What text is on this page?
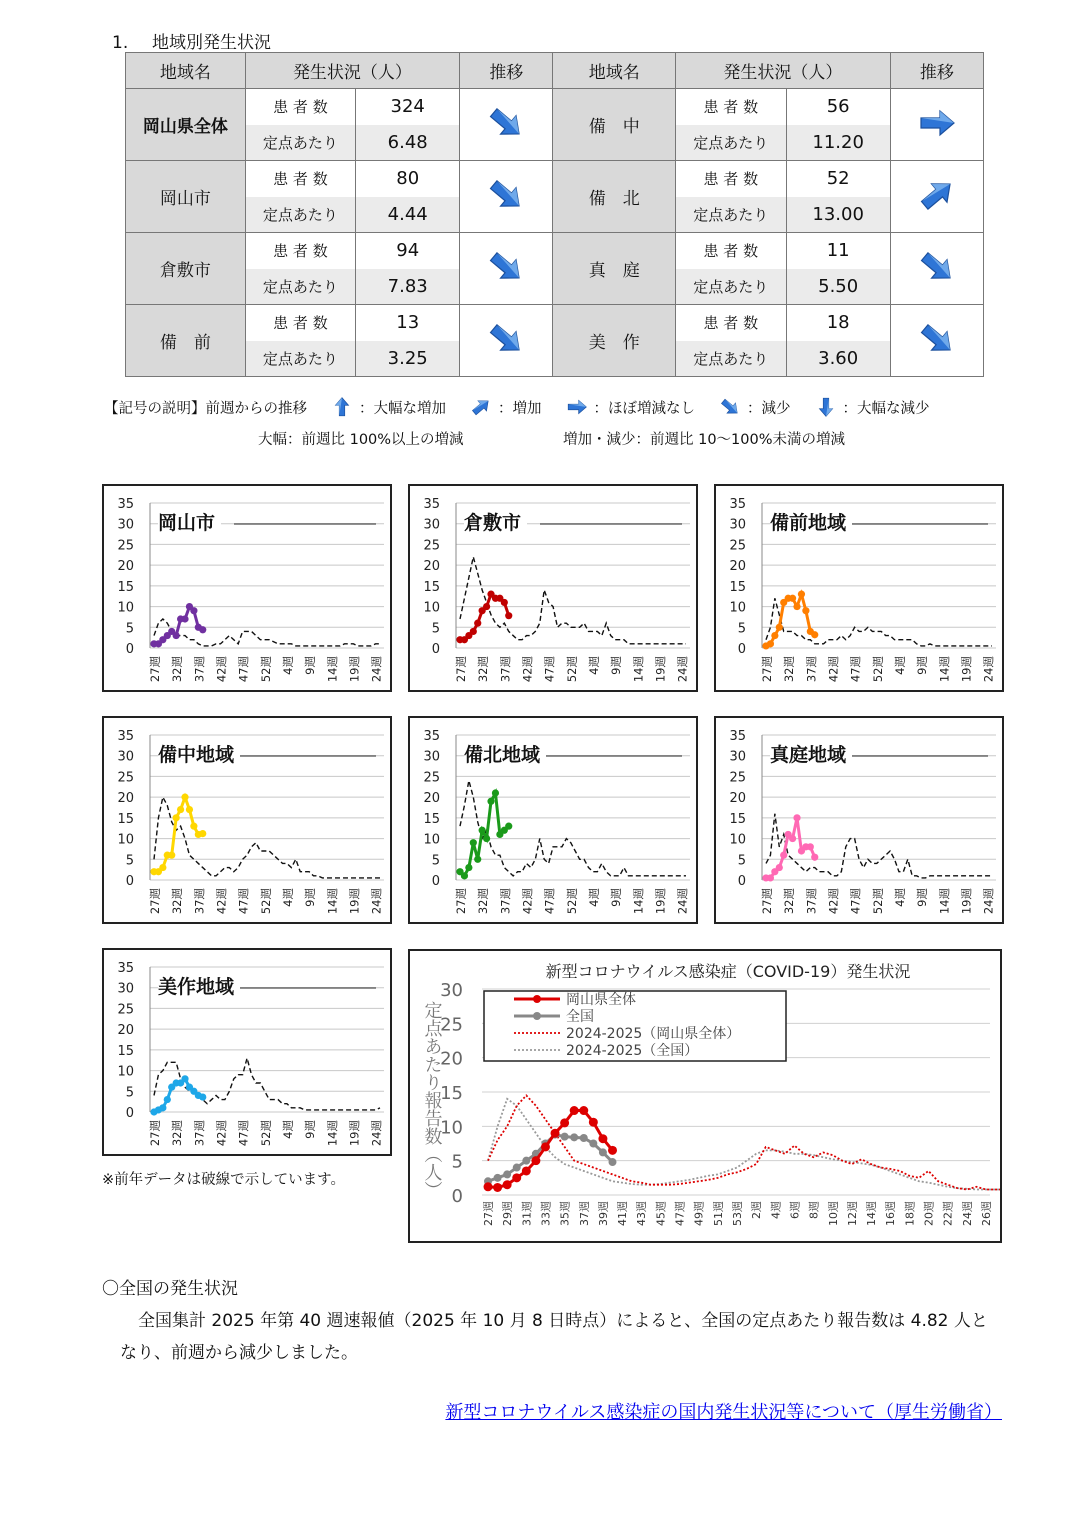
1. 地域別発生状況
地域名	発生状況（人）		推移	地域名	発生状況（人）		推移
岡山県全体	患 者 数	324		備　中	患 者 数	56	
	定点あたり	6.48			定点あたり	11.20	
岡山市	患 者 数	80		備　北	患 者 数	52	
	定点あたり	4.44			定点あたり	13.00	
倉敷市	患 者 数	94		真　庭	患 者 数	11	
	定点あたり	7.83			定点あたり	5.50	
備　前	患 者 数	13		美　作	患 者 数	18	
	定点あたり	3.25			定点あたり	3.60	
【記号の説明】前週からの推移	：大幅な増加	：増加	：ほぼ増減なし	：減少	：大幅な減少
大幅：前週比 100%以上の増減	増加・減少：前週比 10〜100%未満の増減
0
5
10
15
20
25
30
35
27週 32週 37週 42週 47週 52週 4週 9週 14週 19週 24週
岡山市
0
5
10
15
20
25
30
35
27週 32週 37週 42週 47週 52週 4週 9週 14週 19週 24週
倉敷市
0
5
10
15
20
25
30
35
27週 32週 37週 42週 47週 52週 4週 9週 14週 19週 24週
備前地域
0
5
10
15
20
25
30
35
27週 32週 37週 42週 47週 52週 4週 9週 14週 19週 24週
備中地域
0
5
10
15
20
25
30
35
27週 32週 37週 42週 47週 52週 4週 9週 14週 19週 24週
備北地域
0
5
10
15
20
25
30
35
27週 32週 37週 42週 47週 52週 4週 9週 14週 19週 24週
真庭地域
0
5
10
15
20
25
30
35
27週 32週 37週 42週 47週 52週 4週 9週 14週 19週 24週
美作地域
※前年データは破線で示しています。
新型コロナウイルス感染症（COVID-19）発生状況
0
5
10
15
20
25
30
定点あたり報告数（人）
27週 29週 31週 33週 35週 37週 39週 41週 43週 45週 47週 49週 51週 53週 2週 4週 6週 8週 10週 12週 14週 16週 18週 20週 22週 24週 26週
岡山県全体
全国
2024-2025（岡山県全体）
2024-2025（全国）
〇全国の発生状況
全国集計 2025 年第 40 週速報値（2025 年 10 月 8 日時点）によると、全国の定点あたり報告数は 4.82 人となり、前週から減少しました。
新型コロナウイルス感染症の国内発生状況等について（厚生労働省）
